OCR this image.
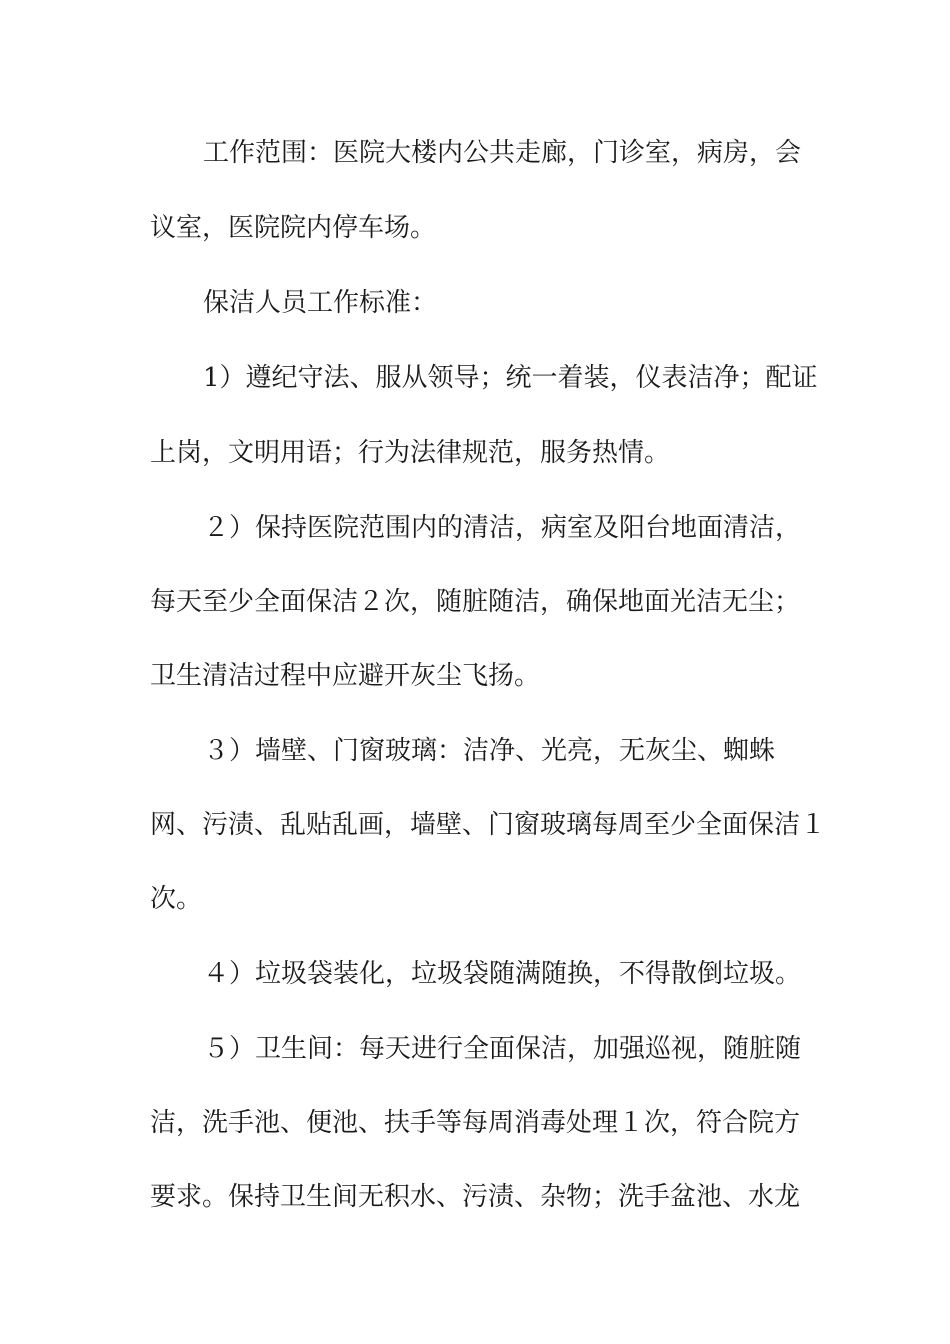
工作范围：医院大楼内公共走廊，门诊室，病房，会
议室，医院院内停车场。
保洁人员工作标准：
1）遵纪守法、服从领导；统一着装，仪表洁净；配证
上岗，文明用语；行为法律规范，服务热情。
２）保持医院范围内的清洁，病室及阳台地面清洁，
每天至少全面保洁２次，随脏随洁，确保地面光洁无尘；
卫生清洁过程中应避开灰尘飞扬。
３）墙壁、门窗玻璃：洁净、光亮，无灰尘、蜘蛛
网、污渍、乱贴乱画，墙壁、门窗玻璃每周至少全面保洁１
次。
４）垃圾袋装化，垃圾袋随满随换，不得散倒垃圾。
５）卫生间：每天进行全面保洁，加强巡视，随脏随
洁，洗手池、便池、扶手等每周消毒处理１次，符合院方
要求。保持卫生间无积水、污渍、杂物；洗手盆池、水龙
